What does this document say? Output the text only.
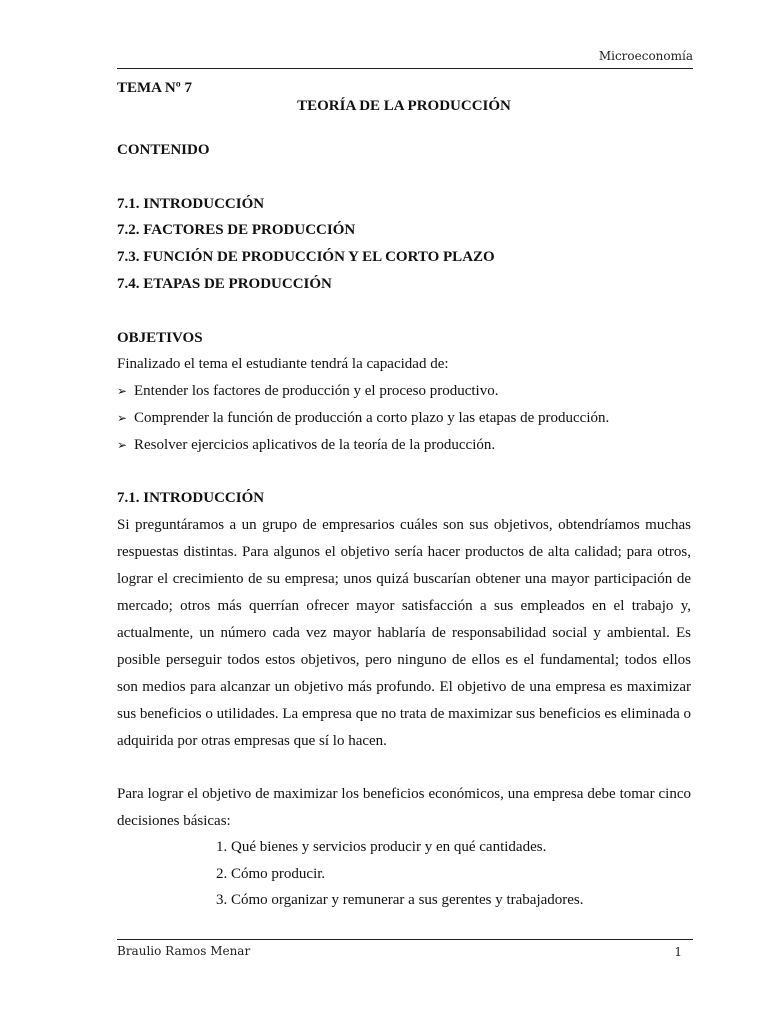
Microeconomía
TEMA Nº 7
TEORÍA DE LA PRODUCCIÓN
CONTENIDO
7.1. INTRODUCCIÓN
7.2. FACTORES DE PRODUCCIÓN
7.3. FUNCIÓN DE PRODUCCIÓN Y EL CORTO PLAZO
7.4. ETAPAS DE PRODUCCIÓN
OBJETIVOS
Finalizado el tema el estudiante tendrá la capacidad de:
➢ Entender los factores de producción y el proceso productivo.
➢ Comprender la función de producción a corto plazo y las etapas de producción.
➢ Resolver ejercicios aplicativos de la teoría de la producción.
7.1. INTRODUCCIÓN
Si preguntáramos a un grupo de empresarios cuáles son sus objetivos, obtendríamos muchas respuestas distintas. Para algunos el objetivo sería hacer productos de alta calidad; para otros, lograr el crecimiento de su empresa; unos quizá buscarían obtener una mayor participación de mercado; otros más querrían ofrecer mayor satisfacción a sus empleados en el trabajo y, actualmente, un número cada vez mayor hablaría de responsabilidad social y ambiental. Es posible perseguir todos estos objetivos, pero ninguno de ellos es el fundamental; todos ellos son medios para alcanzar un objetivo más profundo. El objetivo de una empresa es maximizar sus beneficios o utilidades. La empresa que no trata de maximizar sus beneficios es eliminada o adquirida por otras empresas que sí lo hacen.
Para lograr el objetivo de maximizar los beneficios económicos, una empresa debe tomar cinco decisiones básicas:
1. Qué bienes y servicios producir y en qué cantidades.
2. Cómo producir.
3. Cómo organizar y remunerar a sus gerentes y trabajadores.
Braulio Ramos Menar	1
